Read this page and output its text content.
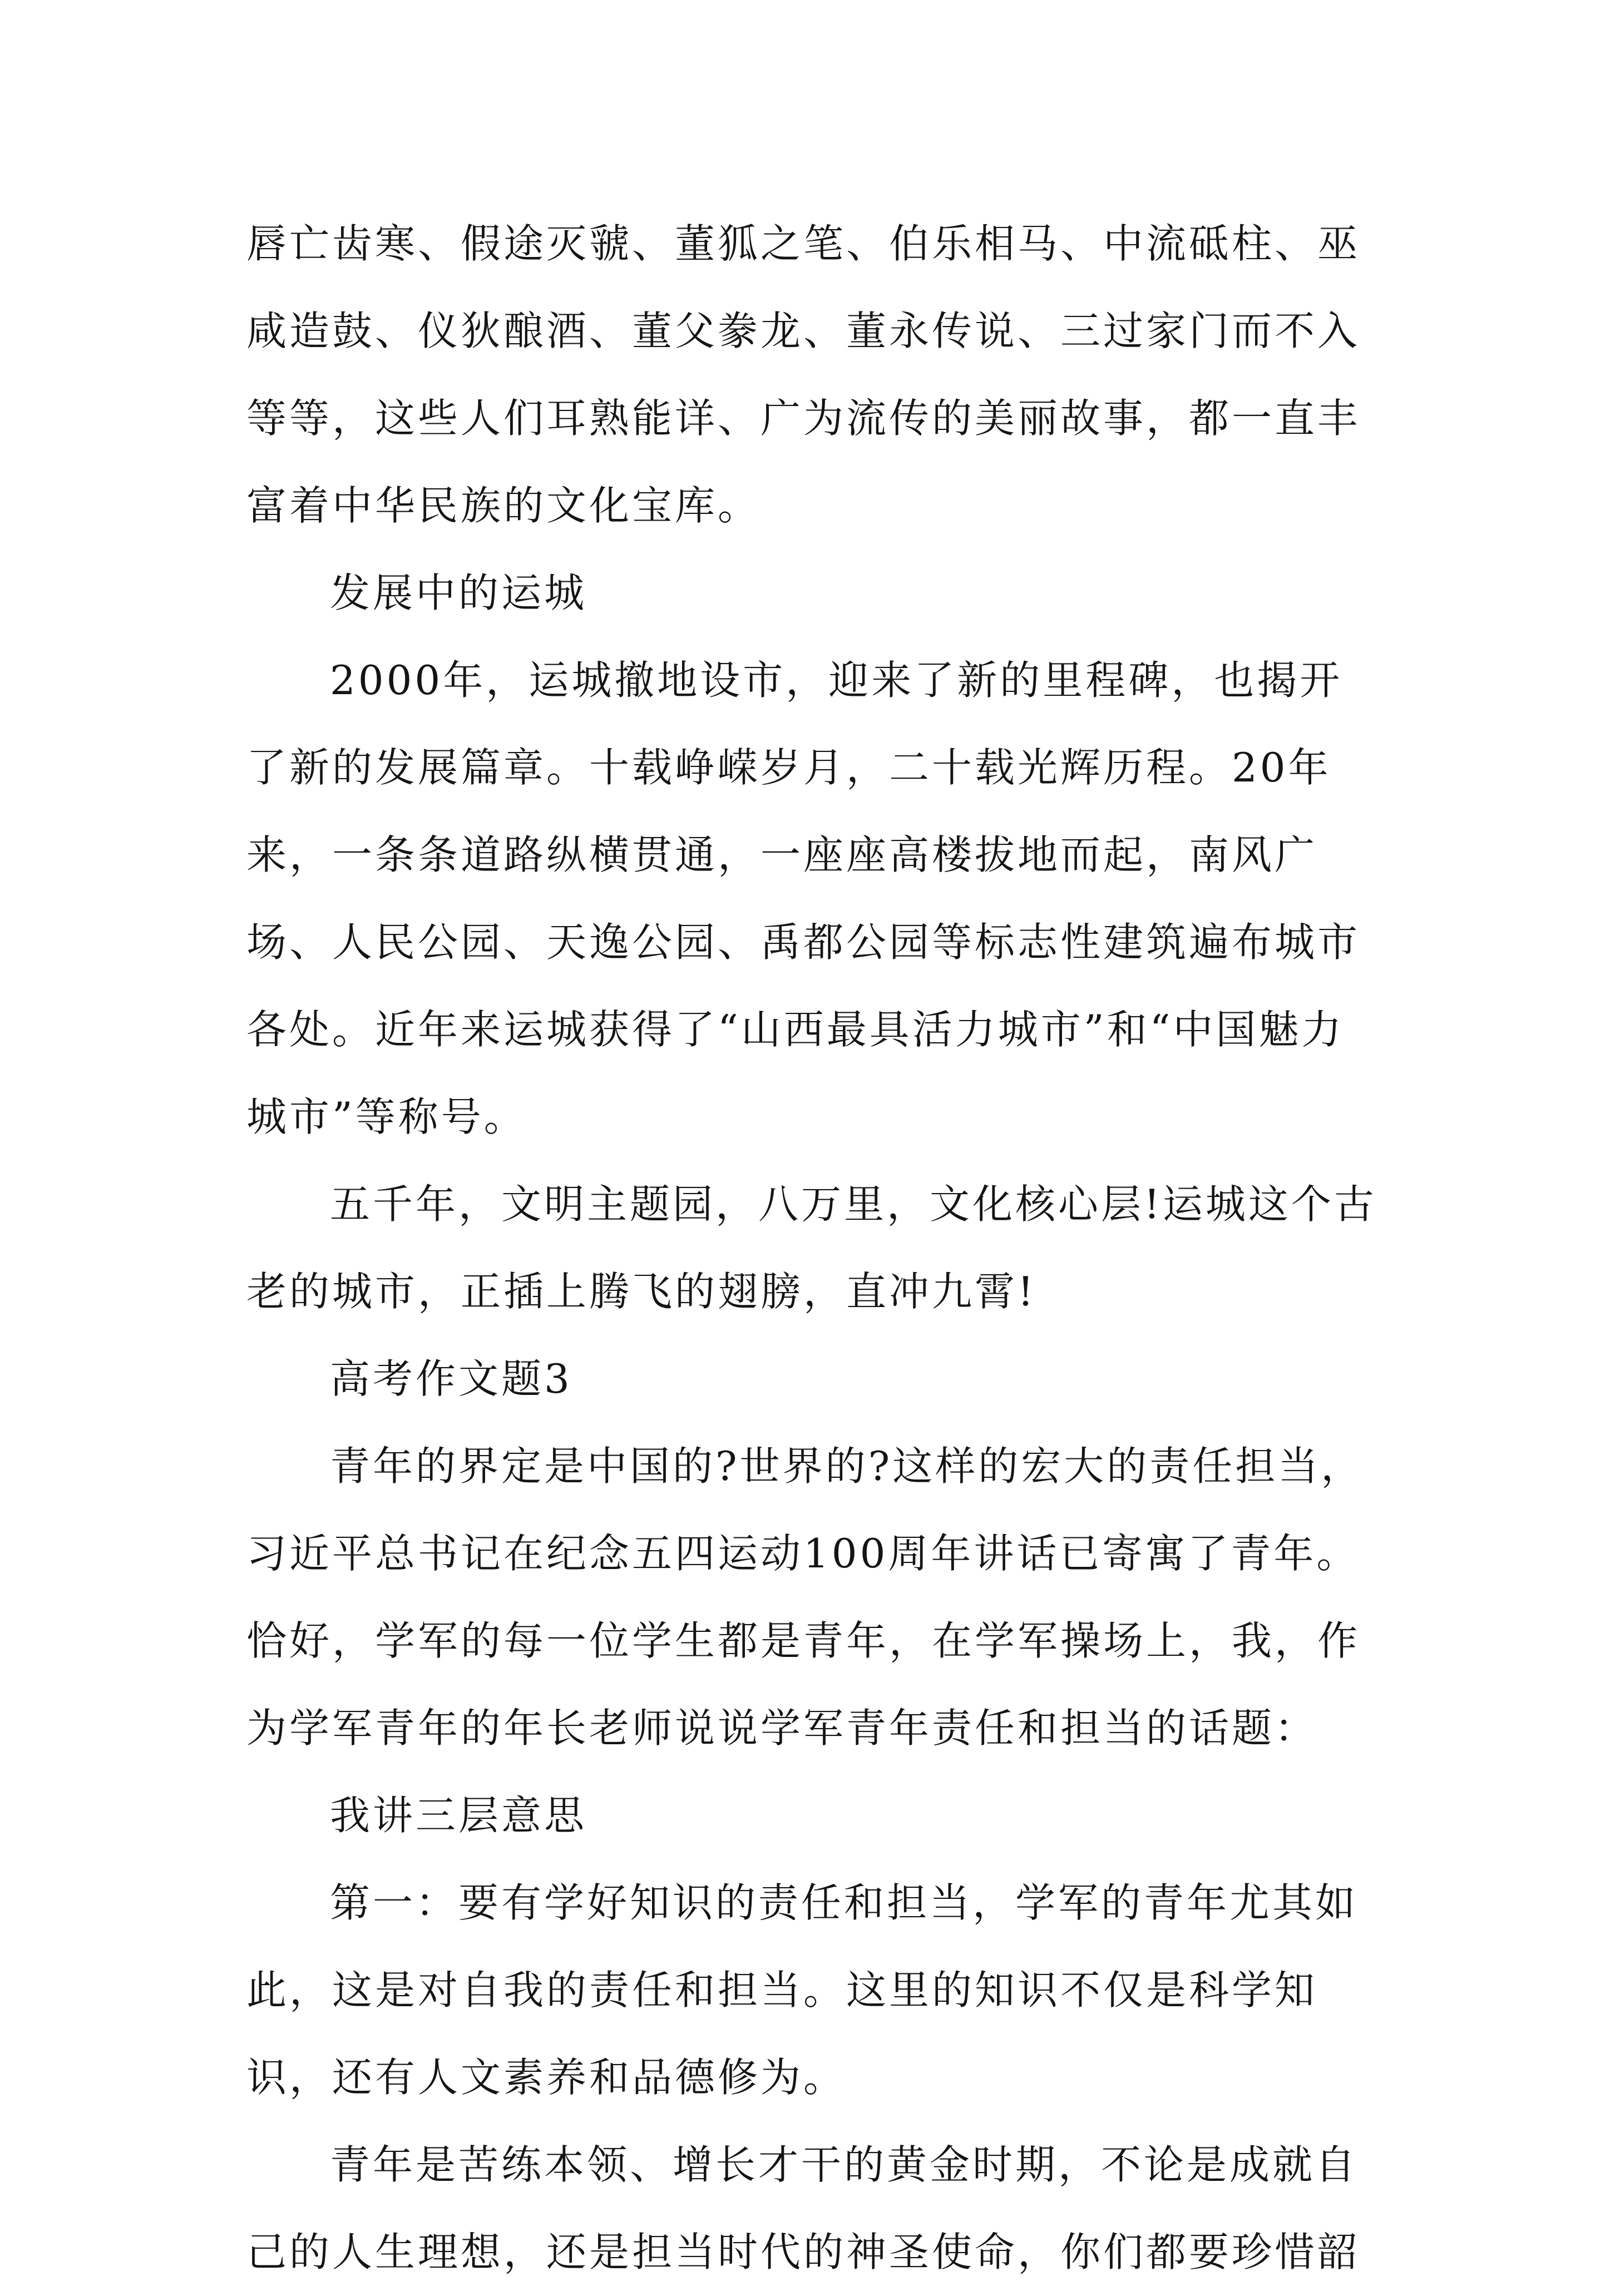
唇亡齿寒、假途灭虢、董狐之笔、伯乐相马、中流砥柱、巫咸造鼓、仪狄酿酒、董父豢龙、董永传说、三过家门而不入等等，这些人们耳熟能详、广为流传的美丽故事，都一直丰富着中华民族的文化宝库。

发展中的运城

2000年，运城撤地设市，迎来了新的里程碑，也揭开了新的发展篇章。十载峥嵘岁月，二十载光辉历程。20年来，一条条道路纵横贯通，一座座高楼拔地而起，南风广场、人民公园、天逸公园、禹都公园等标志性建筑遍布城市各处。近年来运城获得了“山西最具活力城市”和“中国魅力城市”等称号。

五千年，文明主题园，八万里，文化核心层!运城这个古老的城市，正插上腾飞的翅膀，直冲九霄!

高考作文题3

青年的界定是中国的?世界的?这样的宏大的责任担当，习近平总书记在纪念五四运动100周年讲话已寄寓了青年。恰好，学军的每一位学生都是青年，在学军操场上，我，作为学军青年的年长老师说说学军青年责任和担当的话题：

我讲三层意思

第一：要有学好知识的责任和担当，学军的青年尤其如此，这是对自我的责任和担当。这里的知识不仅是科学知识，还有人文素养和品德修为。

青年是苦练本领、增长才干的黄金时期，不论是成就自己的人生理想，还是担当时代的神圣使命，你们都要珍惜韶
